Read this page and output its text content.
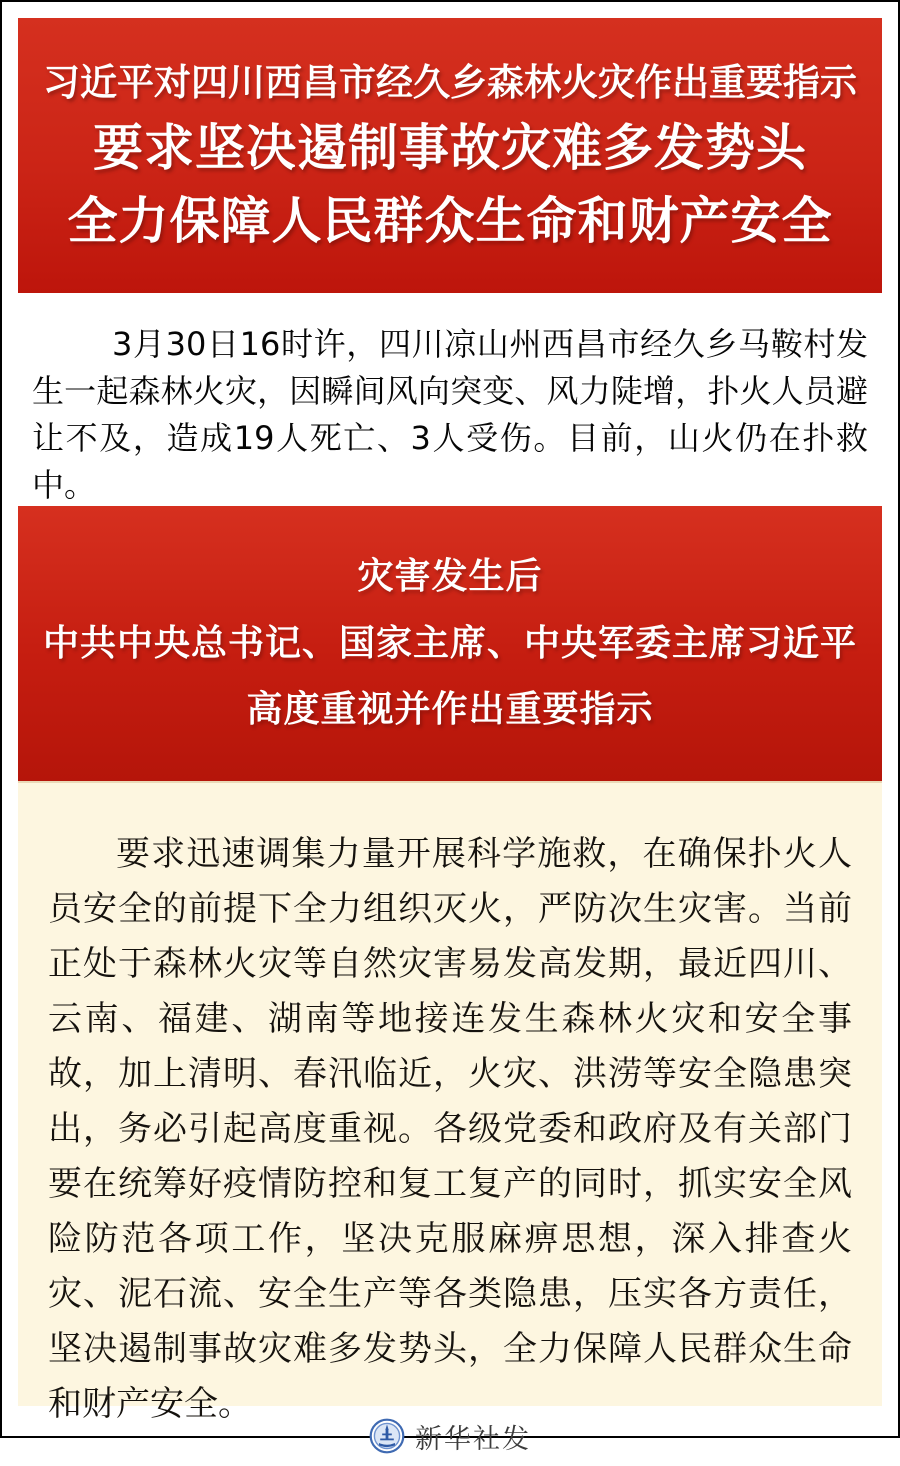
习近平对四川西昌市经久乡森林火灾作出重要指示
要求坚决遏制事故灾难多发势头
全力保障人民群众生命和财产安全

3月30日16时许，四川凉山州西昌市经久乡马鞍村发生一起森林火灾，因瞬间风向突变、风力陡增，扑火人员避让不及，造成19人死亡、3人受伤。目前，山火仍在扑救中。

灾害发生后
中共中央总书记、国家主席、中央军委主席习近平
高度重视并作出重要指示

要求迅速调集力量开展科学施救，在确保扑火人员安全的前提下全力组织灭火，严防次生灾害。当前正处于森林火灾等自然灾害易发高发期，最近四川、云南、福建、湖南等地接连发生森林火灾和安全事故，加上清明、春汛临近，火灾、洪涝等安全隐患突出，务必引起高度重视。各级党委和政府及有关部门要在统筹好疫情防控和复工复产的同时，抓实安全风险防范各项工作，坚决克服麻痹思想，深入排查火灾、泥石流、安全生产等各类隐患，压实各方责任，坚决遏制事故灾难多发势头，全力保障人民群众生命和财产安全。

新华社发
